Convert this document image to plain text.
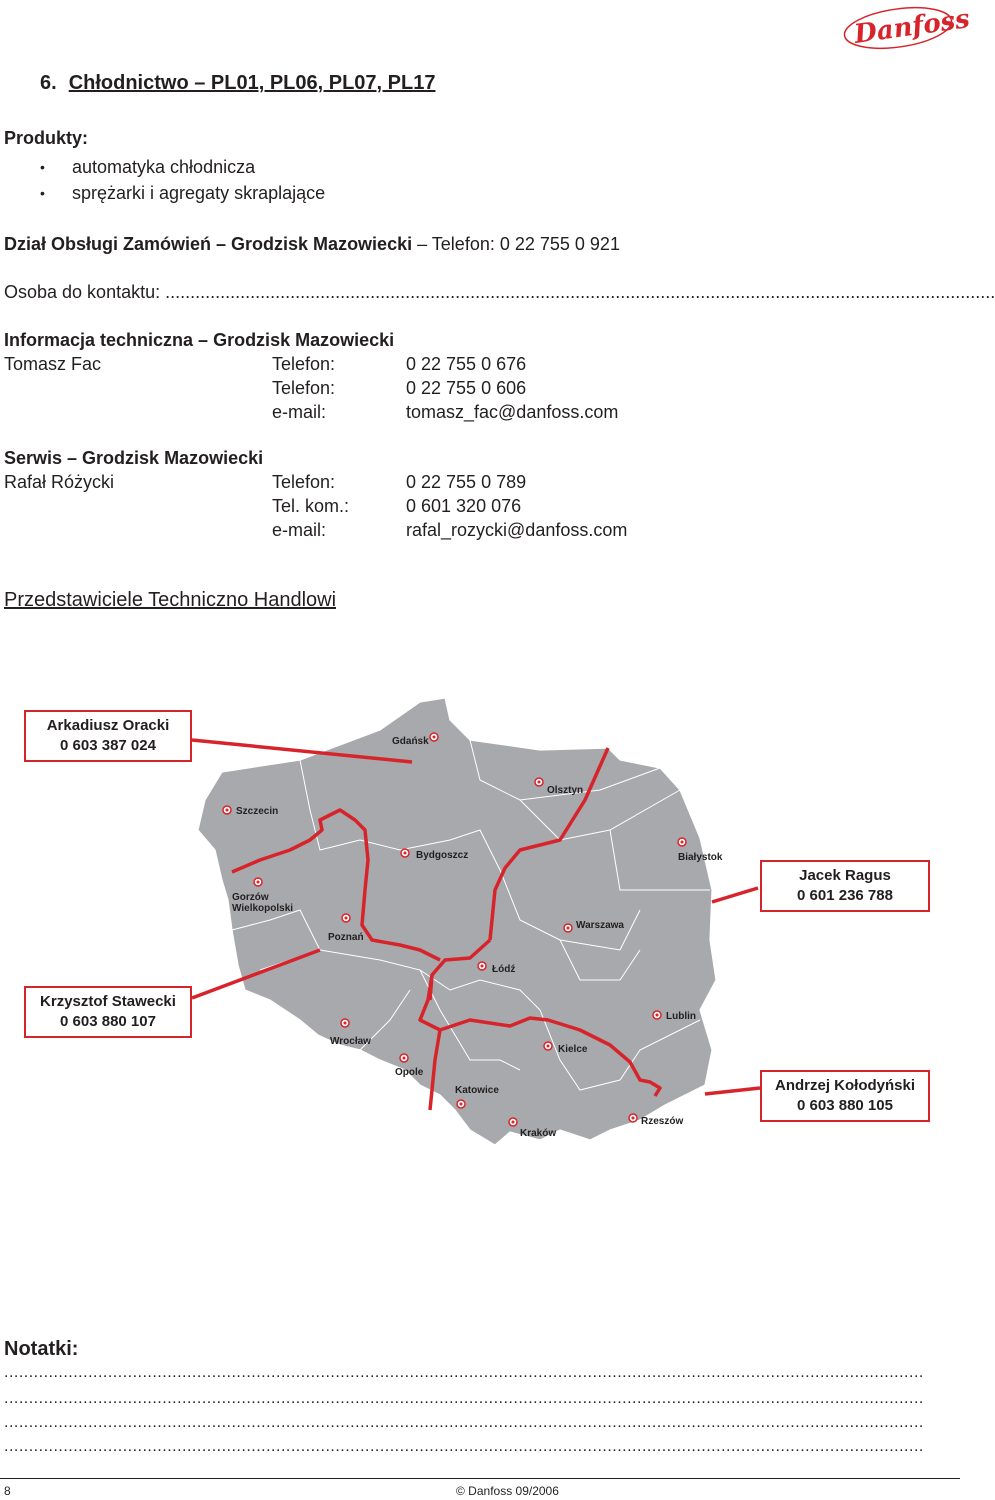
Danfoss
6. Chłodnictwo – PL01, PL06, PL07, PL17
Produkty:
• automatyka chłodnicza
• sprężarki i agregaty skraplające
Dział Obsługi Zamówień – Grodzisk Mazowiecki – Telefon: 0 22 755 0 921
Osoba do kontaktu: ......................................................................................................................................................................
Informacja techniczna – Grodzisk Mazowiecki
Tomasz Fac	Telefon:	0 22 755 0 676
Telefon:	0 22 755 0 606
e-mail:	tomasz_fac@danfoss.com
Serwis – Grodzisk Mazowiecki
Rafał Różycki	Telefon:	0 22 755 0 789
Tel. kom.:	0 601 320 076
e-mail:	rafal_rozycki@danfoss.com
Przedstawiciele Techniczno Handlowi
Gdańsk
Olsztyn
Szczecin
Bydgoszcz	Białystok
Gorzów
Wielkopolski
Poznań
Warszawa
Łódź
Wrocław
Lublin
Kielce
Opole
Katowice
Kraków
Rzeszów
Arkadiusz Oracki
0 603 387 024
Jacek Ragus
0 601 236 788
Krzysztof Stawecki
0 603 880 107
Andrzej Kołodyński
0 603 880 105
Notatki:
..........................................................................................................................................................................................
..........................................................................................................................................................................................
..........................................................................................................................................................................................
..........................................................................................................................................................................................
8	© Danfoss 09/2006
